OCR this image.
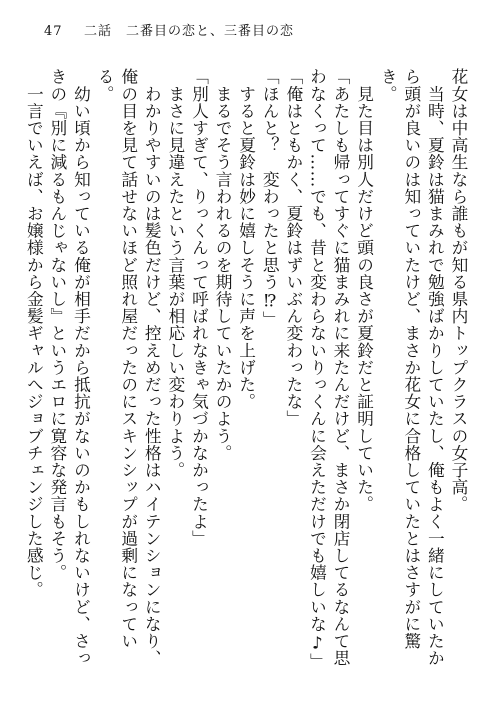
47 二話　二番目の恋と、三番目の恋

花女は中高生なら誰もが知る県内トップクラスの女子高。

　当時、夏鈴は猫まみれで勉強ばかりしていたし、俺もよく一緒にしていたから頭が良いのは知っていたけど、まさか花女に合格していたとはさすがに驚き。

　見た目は別人だけど頭の良さが夏鈴だと証明していた。

「あたしも帰ってすぐに猫まみれに来たんだけど、まさか閉店してるなんて思わなくって……でも、昔と変わらないりっくんに会えただけでも嬉しいな♪」

「俺はともかく、夏鈴はずいぶん変わったな」

「ほんと？　変わったと思う⁉」

　すると夏鈴は妙に嬉しそうに声を上げた。

　まるでそう言われるのを期待していたかのよう。

「別人すぎて、りっくんって呼ばれなきゃ気づかなかったよ」

　まさに見違えたという言葉が相応しい変わりよう。

　わかりやすいのは髪色だけど、控えめだった性格はハイテンションになり、俺の目を見て話せないほど照れ屋だったのにスキンシップが過剰になっている。

　幼い頃から知っている俺が相手だから抵抗がないのかもしれないけど、さっきの『別に減るもんじゃないし』というエロに寛容な発言もそう。

　一言でいえば、お嬢様から金髪ギャルへジョブチェンジした感じ。
